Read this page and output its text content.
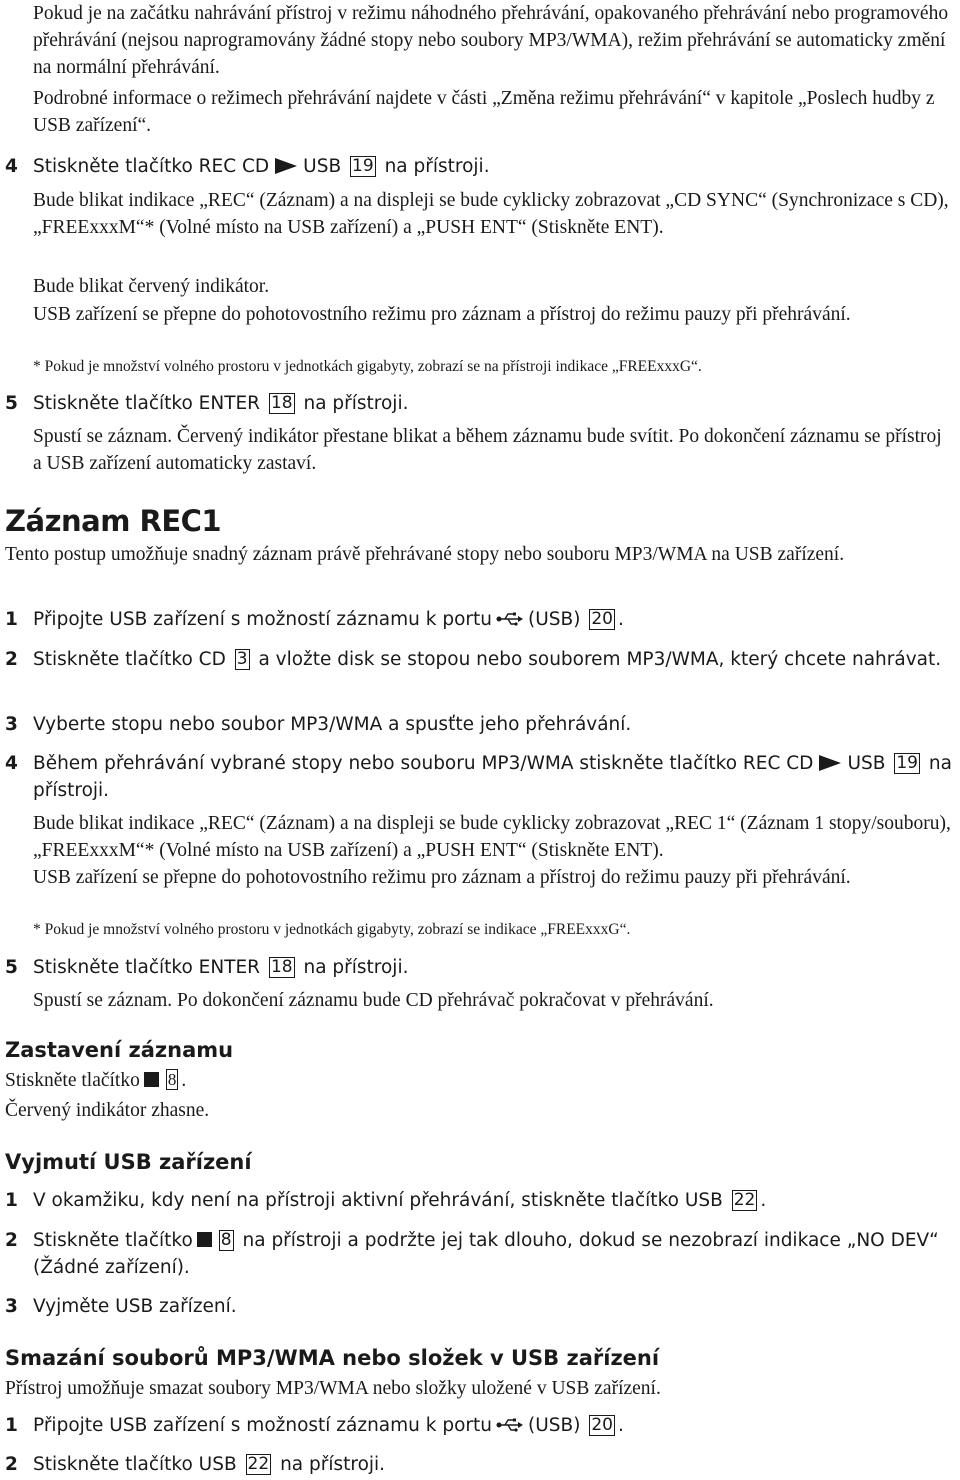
Pokud je na začátku nahrávání přístroj v režimu náhodného přehrávání, opakovaného přehrávání nebo programového přehrávání (nejsou naprogramovány žádné stopy nebo soubory MP3/WMA), režim přehrávání se automaticky změní na normální přehrávání.

Podrobné informace o režimech přehrávání najdete v části „Změna režimu přehrávání“ v kapitole „Poslech hudby z USB zařízení“.

4 Stiskněte tlačítko REC CD USB 19 na přístroji.

Bude blikat indikace „REC“ (Záznam) a na displeji se bude cyklicky zobrazovat „CD SYNC“ (Synchronizace s CD), „FREExxxM“* (Volné místo na USB zařízení) a „PUSH ENT“ (Stiskněte ENT).

Bude blikat červený indikátor.

USB zařízení se přepne do pohotovostního režimu pro záznam a přístroj do režimu pauzy při přehrávání.

* Pokud je množství volného prostoru v jednotkách gigabyty, zobrazí se na přístroji indikace „FREExxxG“.

5 Stiskněte tlačítko ENTER 18 na přístroji.

Spustí se záznam. Červený indikátor přestane blikat a během záznamu bude svítit. Po dokončení záznamu se přístroj a USB zařízení automaticky zastaví.

Záznam REC1

Tento postup umožňuje snadný záznam právě přehrávané stopy nebo souboru MP3/WMA na USB zařízení.

1 Připojte USB zařízení s možností záznamu k portu (USB) 20 .
2 Stiskněte tlačítko CD 3 a vložte disk se stopou nebo souborem MP3/WMA, který chcete nahrávat.
3 Vyberte stopu nebo soubor MP3/WMA a spusťte jeho přehrávání.
4 Během přehrávání vybrané stopy nebo souboru MP3/WMA stiskněte tlačítko REC CD USB 19 na přístroji.

Bude blikat indikace „REC“ (Záznam) a na displeji se bude cyklicky zobrazovat „REC 1“ (Záznam 1 stopy/souboru), „FREExxxM“* (Volné místo na USB zařízení) a „PUSH ENT“ (Stiskněte ENT).

USB zařízení se přepne do pohotovostního režimu pro záznam a přístroj do režimu pauzy při přehrávání.

* Pokud je množství volného prostoru v jednotkách gigabyty, zobrazí se indikace „FREExxxG“.

5 Stiskněte tlačítko ENTER 18 na přístroji.

Spustí se záznam. Po dokončení záznamu bude CD přehrávač pokračovat v přehrávání.

Zastavení záznamu

Stiskněte tlačítko 8 .

Červený indikátor zhasne.

Vyjmutí USB zařízení
1 V okamžiku, kdy není na přístroji aktivní přehrávání, stiskněte tlačítko USB 22 .
2 Stiskněte tlačítko 8 na přístroji a podržte jej tak dlouho, dokud se nezobrazí indikace „NO DEV“ (Žádné zařízení).
3 Vyjměte USB zařízení.
Smazání souborů MP3/WMA nebo složek v USB zařízení

Přístroj umožňuje smazat soubory MP3/WMA nebo složky uložené v USB zařízení.

1 Připojte USB zařízení s možností záznamu k portu (USB) 20 .
2 Stiskněte tlačítko USB 22 na přístroji.
